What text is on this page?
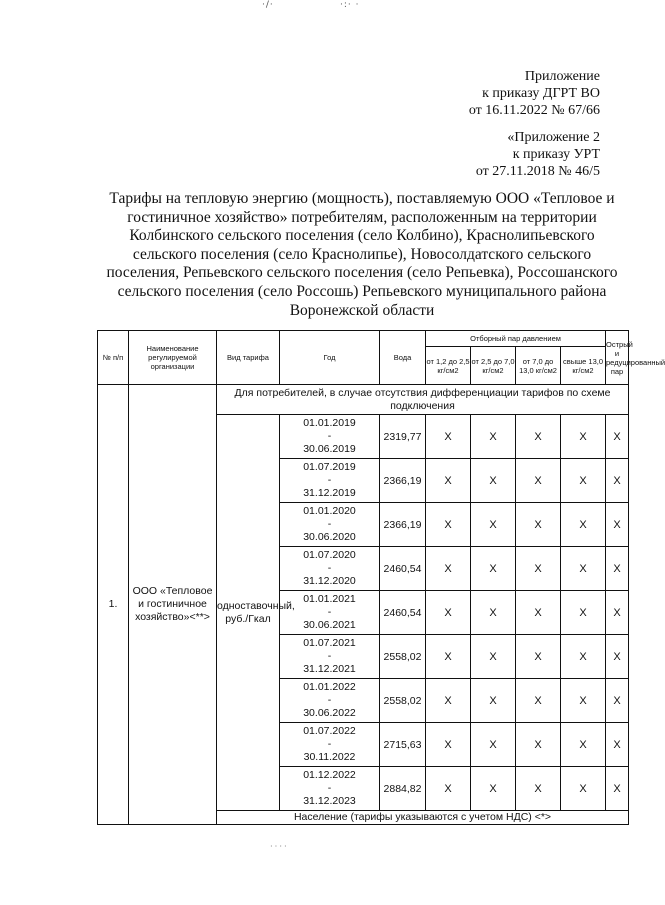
·/·	·:· ·
Приложение
к приказу ДГРТ ВО
от 16.11.2022 № 67/66
«Приложение 2
к приказу УРТ
от 27.11.2018 № 46/5
Тарифы на тепловую энергию (мощность), поставляемую ООО «Тепловое и гостиничное хозяйство» потребителям, расположенным на территории Колбинского сельского поселения (село Колбино), Краснолипьевского сельского поселения (село Краснолипье), Новосолдатского сельского поселения, Репьевского сельского поселения (село Репьевка), Россошанского сельского поселения (село Россошь) Репьевского муниципального района Воронежской области
№ п/п	Наименование регулируемой организации	Вид тарифа	Год	Вода	Отборный пар давлением				Острый и редуцированный пар
					от 1,2 до 2,5 кг/см2	от 2,5 до 7,0 кг/см2	от 7,0 до 13,0 кг/см2	свыше 13,0 кг/см2	
1.	ООО «Тепловое и гостиничное хозяйство»<**>	Для потребителей, в случае отсутствия дифференциации тарифов по схеме подключения							
		одноставочный, руб./Гкал	01.01.2019
-
30.06.2019	2319,77	X	X	X	X	X

			01.07.2019
-
31.12.2019	2366,19	X	X	X	X	X

			01.01.2020
-
30.06.2020	2366,19	X	X	X	X	X

			01.07.2020
-
31.12.2020	2460,54	X	X	X	X	X

			01.01.2021
-
30.06.2021	2460,54	X	X	X	X	X

			01.07.2021
-
31.12.2021	2558,02	X	X	X	X	X

			01.01.2022
-
30.06.2022	2558,02	X	X	X	X	X

			01.07.2022
-
30.11.2022	2715,63	X	X	X	X	X

			01.12.2022
-
31.12.2023	2884,82	X	X	X	X	X
		Население (тарифы указываются с учетом НДС) <*>							
· · · ·
